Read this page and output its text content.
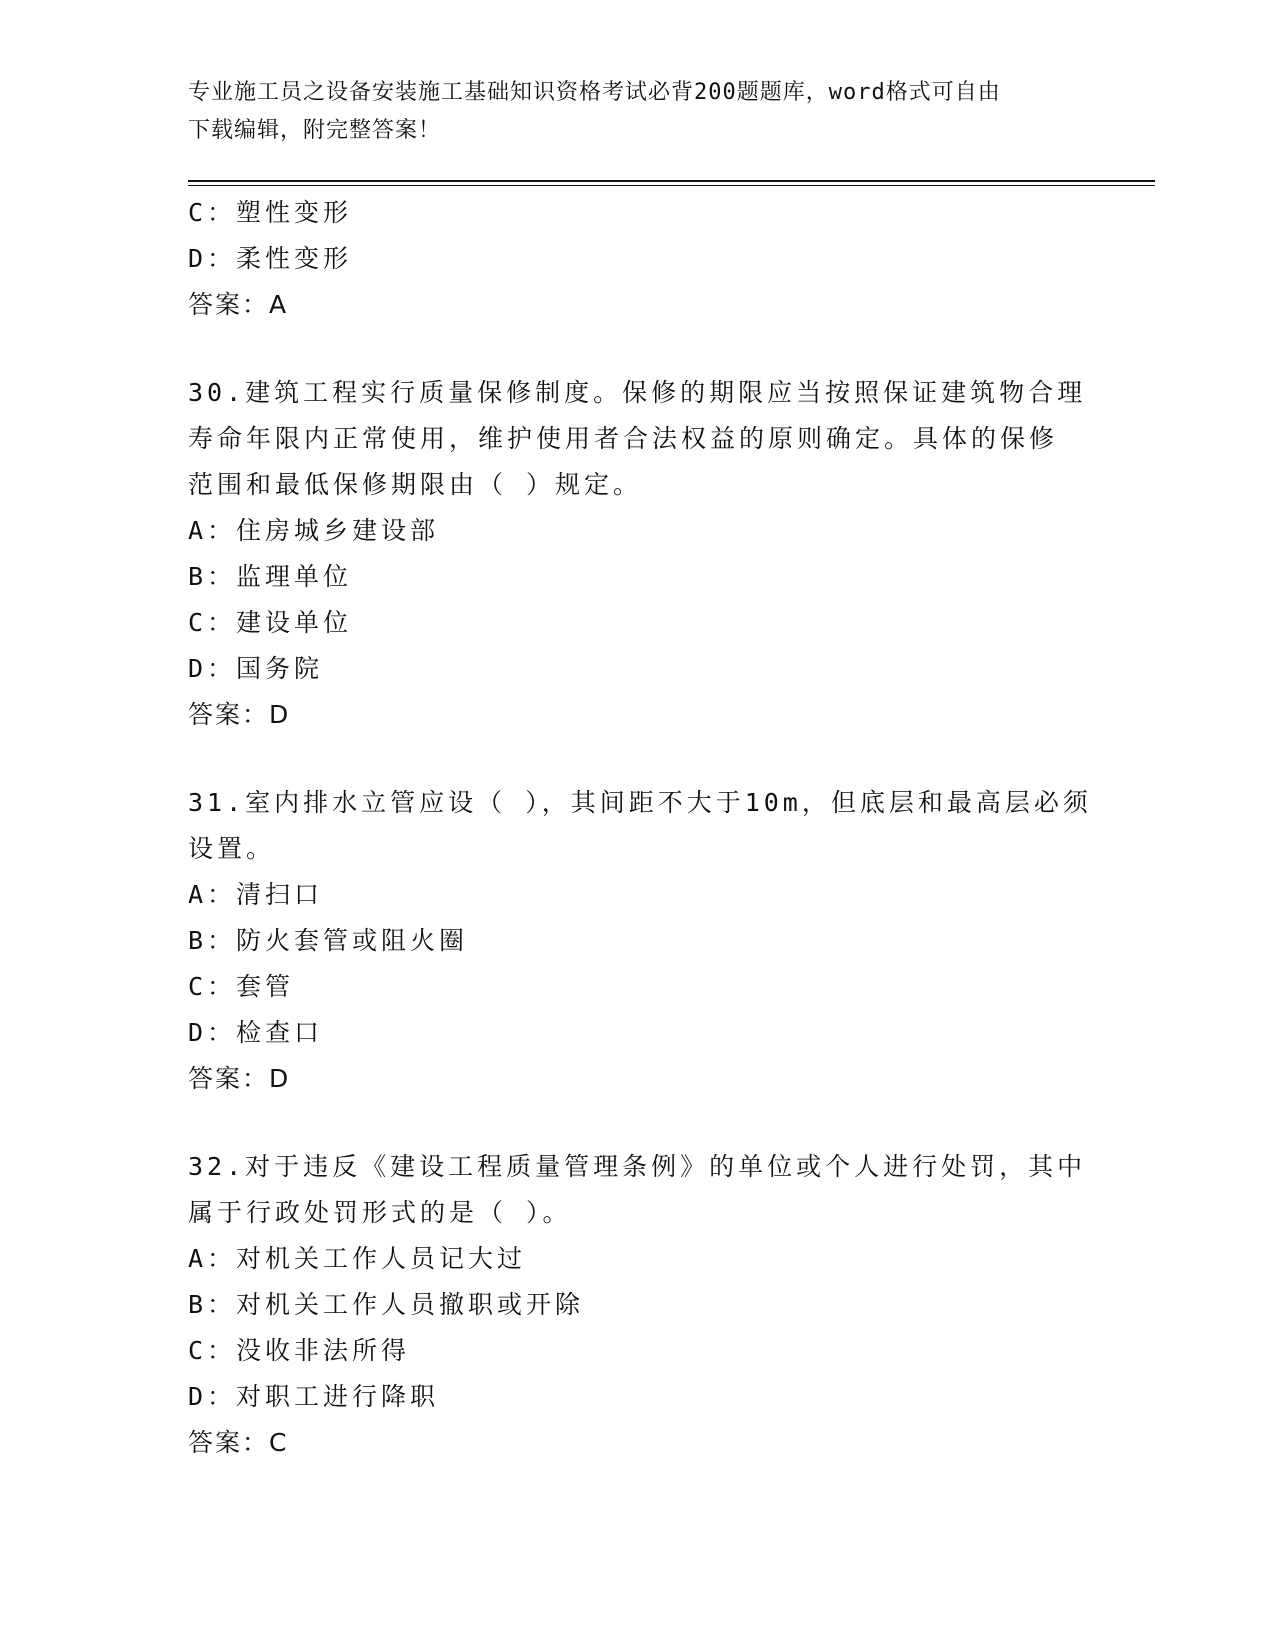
专业施工员之设备安装施工基础知识资格考试必背200题题库，word格式可自由
下载编辑，附完整答案！
C：塑性变形
D：柔性变形
答案：A
30.建筑工程实行质量保修制度。保修的期限应当按照保证建筑物合理
寿命年限内正常使用，维护使用者合法权益的原则确定。具体的保修
范围和最低保修期限由（ ）规定。
A：住房城乡建设部
B：监理单位
C：建设单位
D：国务院
答案：D
31.室内排水立管应设（ ），其间距不大于10m，但底层和最高层必须
设置。
A：清扫口
B：防火套管或阻火圈
C：套管
D：检查口
答案：D
32.对于违反《建设工程质量管理条例》的单位或个人进行处罚，其中
属于行政处罚形式的是（ ）。
A：对机关工作人员记大过
B：对机关工作人员撤职或开除
C：没收非法所得
D：对职工进行降职
答案：C
